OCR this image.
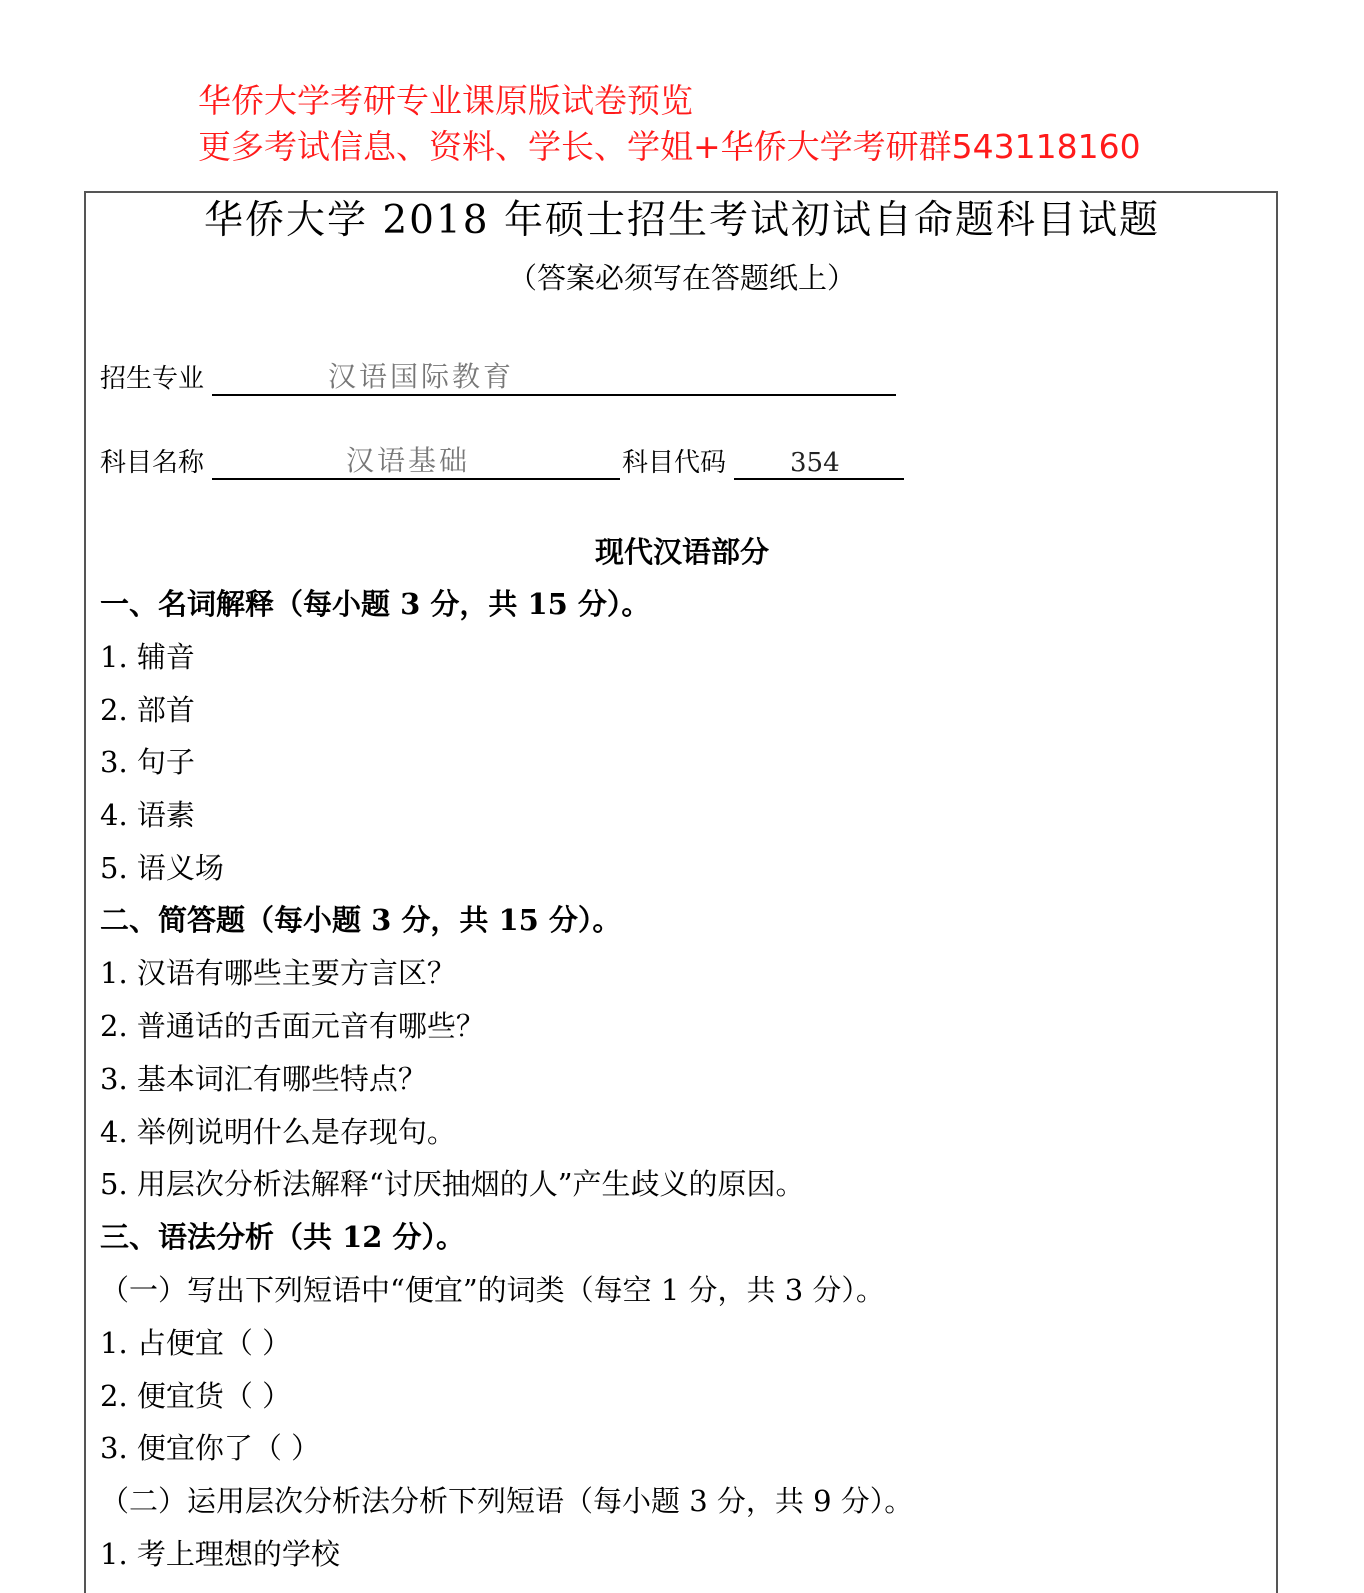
华侨大学考研专业课原版试卷预览
更多考试信息、资料、学长、学姐+华侨大学考研群543118160
华侨大学 2018 年硕士招生考试初试自命题科目试题
（答案必须写在答题纸上）
招生专业	汉语国际教育
科目名称	汉语基础	科目代码 354
现代汉语部分
一、名词解释（每小题 3 分，共 15 分）。
1. 辅音
2. 部首
3. 句子
4. 语素
5. 语义场
二、简答题（每小题 3 分，共 15 分）。
1. 汉语有哪些主要方言区？
2. 普通话的舌面元音有哪些？
3. 基本词汇有哪些特点？
4. 举例说明什么是存现句。
5. 用层次分析法解释“讨厌抽烟的人”产生歧义的原因。
三、语法分析（共 12 分）。
（一）写出下列短语中“便宜”的词类（每空 1 分，共 3 分）。
1. 占便宜（ ）
2. 便宜货（ ）
3. 便宜你了（ ）
（二）运用层次分析法分析下列短语（每小题 3 分，共 9 分）。
1. 考上理想的学校
